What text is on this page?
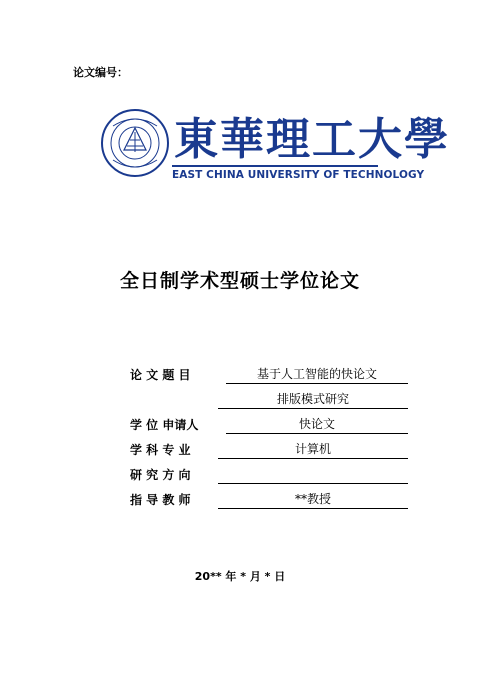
论文编号：
東華理工大學
EAST CHINA UNIVERSITY OF TECHNOLOGY
全日制学术型硕士学位论文
论 文 题 目	基于人工智能的快论文
排版模式研究
学 位 申请人	快论文
学 科 专 业	计算机
研 究 方 向
指 导 教 师	**教授
20** 年 * 月 * 日
